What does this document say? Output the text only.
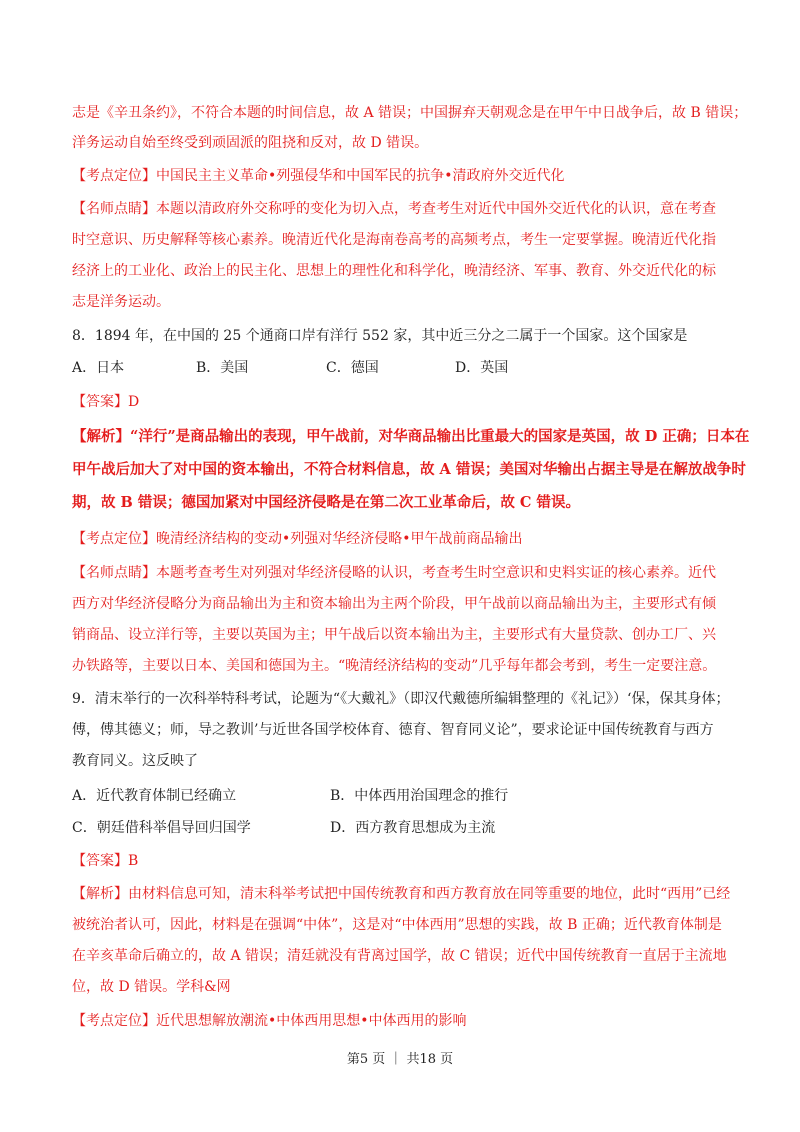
志是《辛丑条约》，不符合本题的时间信息，故 A 错误；中国摒弃天朝观念是在甲午中日战争后，故 B 错误；
洋务运动自始至终受到顽固派的阻挠和反对，故 D 错误。
【考点定位】中国民主主义革命•列强侵华和中国军民的抗争•清政府外交近代化
【名师点睛】本题以清政府外交称呼的变化为切入点，考查考生对近代中国外交近代化的认识，意在考查
时空意识、历史解释等核心素养。晚清近代化是海南卷高考的高频考点，考生一定要掌握。晚清近代化指
经济上的工业化、政治上的民主化、思想上的理性化和科学化，晚清经济、军事、教育、外交近代化的标
志是洋务运动。
8．1894 年，在中国的 25 个通商口岸有洋行 552 家，其中近三分之二属于一个国家。这个国家是
A．日本	B．美国	C．德国	D．英国
【答案】D
【解析】“洋行”是商品输出的表现，甲午战前，对华商品输出比重最大的国家是英国，故 D 正确；日本在
甲午战后加大了对中国的资本输出，不符合材料信息，故 A 错误；美国对华输出占据主导是在解放战争时
期，故 B 错误；德国加紧对中国经济侵略是在第二次工业革命后，故 C 错误。
【考点定位】晚清经济结构的变动•列强对华经济侵略•甲午战前商品输出
【名师点睛】本题考查考生对列强对华经济侵略的认识，考查考生时空意识和史料实证的核心素养。近代
西方对华经济侵略分为商品输出为主和资本输出为主两个阶段，甲午战前以商品输出为主，主要形式有倾
销商品、设立洋行等，主要以英国为主；甲午战后以资本输出为主，主要形式有大量贷款、创办工厂、兴
办铁路等，主要以日本、美国和德国为主。“晚清经济结构的变动”几乎每年都会考到，考生一定要注意。
9．清末举行的一次科举特科考试，论题为“《大戴礼》（即汉代戴德所编辑整理的《礼记》）‘保，保其身体；
傅，傅其德义；师，导之教训’与近世各国学校体育、德育、智育同义论”，要求论证中国传统教育与西方
教育同义。这反映了
A．近代教育体制已经确立	B．中体西用治国理念的推行
C．朝廷借科举倡导回归国学	D．西方教育思想成为主流
【答案】B
【解析】由材料信息可知，清末科举考试把中国传统教育和西方教育放在同等重要的地位，此时“西用”已经
被统治者认可，因此，材料是在强调“中体”，这是对“中体西用”思想的实践，故 B 正确；近代教育体制是
在辛亥革命后确立的，故 A 错误；清廷就没有背离过国学，故 C 错误；近代中国传统教育一直居于主流地
位，故 D 错误。学科&网
【考点定位】近代思想解放潮流•中体西用思想•中体西用的影响
第5 页 ｜ 共18 页
